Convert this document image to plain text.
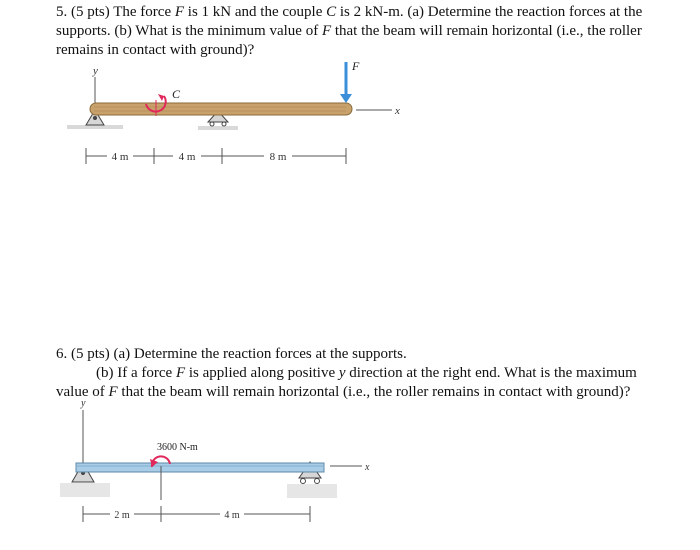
5. (5 pts) The force F is 1 kN and the couple C is 2 kN-m. (a) Determine the reaction forces at the supports. (b) What is the minimum value of F that the beam will remain horizontal (i.e., the roller remains in contact with ground)?
y
x
C
F
4 m	4 m	8 m
6. (5 pts) (a) Determine the reaction forces at the supports.
(b) If a force F is applied along positive y direction at the right end. What is the maximum
value of F that the beam will remain horizontal (i.e., the roller remains in contact with ground)?
y
3600 N-m
x
2 m	4 m
